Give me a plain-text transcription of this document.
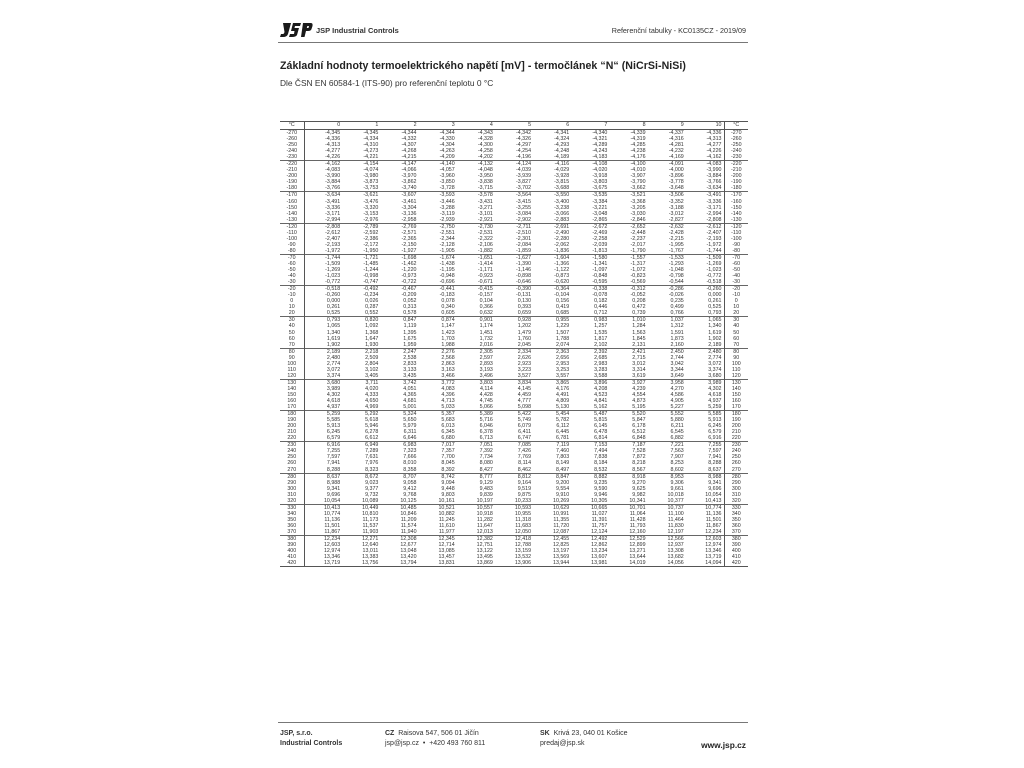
JSP Industrial Controls	Referenční tabulky - KC0135CZ - 2019/09
Základní hodnoty termoelektrického napětí [mV] - termočlánek “N“ (NiCrSi-NiSi)
Dle ČSN EN 60584-1 (ITS-90) pro referenční teplotu 0 °C
°C	0	1	2	3	4	5	6	7	8	9	10	°C
-270	-4,345	-4,345	-4,344	-4,344	-4,343	-4,342	-4,341	-4,340	-4,339	-4,337	-4,336	-270
-260	-4,336	-4,334	-4,332	-4,330	-4,328	-4,326	-4,324	-4,321	-4,319	-4,316	-4,313	-260
-250	-4,313	-4,310	-4,307	-4,304	-4,300	-4,297	-4,293	-4,289	-4,285	-4,281	-4,277	-250
-240	-4,277	-4,273	-4,268	-4,263	-4,258	-4,254	-4,248	-4,243	-4,238	-4,232	-4,226	-240
-230	-4,226	-4,221	-4,215	-4,209	-4,202	-4,196	-4,189	-4,183	-4,176	-4,169	-4,162	-230
-220	-4,162	-4,154	-4,147	-4,140	-4,132	-4,124	-4,116	-4,108	-4,100	-4,091	-4,083	-220
-210	-4,083	-4,074	-4,066	-4,057	-4,048	-4,039	-4,029	-4,020	-4,010	-4,000	-3,990	-210
-200	-3,990	-3,980	-3,970	-3,960	-3,950	-3,939	-3,928	-3,918	-3,907	-3,896	-3,884	-200
-190	-3,884	-3,873	-3,862	-3,850	-3,838	-3,827	-3,815	-3,803	-3,790	-3,778	-3,766	-190
-180	-3,766	-3,753	-3,740	-3,728	-3,715	-3,702	-3,688	-3,675	-3,662	-3,648	-3,634	-180
-170	-3,634	-3,621	-3,607	-3,593	-3,578	-3,564	-3,550	-3,535	-3,521	-3,506	-3,491	-170
-160	-3,491	-3,476	-3,461	-3,446	-3,431	-3,415	-3,400	-3,384	-3,368	-3,352	-3,336	-160
-150	-3,336	-3,320	-3,304	-3,288	-3,271	-3,255	-3,238	-3,221	-3,205	-3,188	-3,171	-150
-140	-3,171	-3,153	-3,136	-3,119	-3,101	-3,084	-3,066	-3,048	-3,030	-3,012	-2,994	-140
-130	-2,994	-2,976	-2,958	-2,939	-2,921	-2,902	-2,883	-2,865	-2,846	-2,827	-2,808	-130
-120	-2,808	-2,789	-2,769	-2,750	-2,730	-2,711	-2,691	-2,672	-2,652	-2,632	-2,612	-120
-110	-2,612	-2,592	-2,571	-2,551	-2,531	-2,510	-2,490	-2,469	-2,448	-2,428	-2,407	-110
-100	-2,407	-2,386	-2,365	-2,344	-2,322	-2,301	-2,280	-2,258	-2,237	-2,215	-2,193	-100
-90	-2,193	-2,172	-2,150	-2,128	-2,106	-2,084	-2,062	-2,039	-2,017	-1,995	-1,972	-90
-80	-1,972	-1,950	-1,927	-1,905	-1,882	-1,859	-1,836	-1,813	-1,790	-1,767	-1,744	-80
-70	-1,744	-1,721	-1,698	-1,674	-1,651	-1,627	-1,604	-1,580	-1,557	-1,533	-1,509	-70
-60	-1,509	-1,485	-1,462	-1,438	-1,414	-1,390	-1,366	-1,341	-1,317	-1,293	-1,269	-60
-50	-1,269	-1,244	-1,220	-1,195	-1,171	-1,146	-1,122	-1,097	-1,072	-1,048	-1,023	-50
-40	-1,023	-0,998	-0,973	-0,948	-0,923	-0,898	-0,873	-0,848	-0,823	-0,798	-0,772	-40
-30	-0,772	-0,747	-0,722	-0,696	-0,671	-0,646	-0,620	-0,595	-0,569	-0,544	-0,518	-30
-20	-0,518	-0,492	-0,467	-0,441	-0,415	-0,390	-0,364	-0,338	-0,312	-0,286	-0,260	-20
-10	-0,260	-0,234	-0,209	-0,183	-0,157	-0,131	-0,104	-0,078	-0,052	-0,026	0,000	-10
0	0,000	0,026	0,052	0,078	0,104	0,130	0,156	0,182	0,208	0,235	0,261	0
10	0,261	0,287	0,313	0,340	0,366	0,393	0,419	0,446	0,472	0,499	0,525	10
20	0,525	0,552	0,578	0,605	0,632	0,659	0,685	0,712	0,739	0,766	0,793	20
30	0,793	0,820	0,847	0,874	0,901	0,928	0,955	0,983	1,010	1,037	1,065	30
40	1,065	1,092	1,119	1,147	1,174	1,202	1,229	1,257	1,284	1,312	1,340	40
50	1,340	1,368	1,395	1,423	1,451	1,479	1,507	1,535	1,563	1,591	1,619	50
60	1,619	1,647	1,675	1,703	1,732	1,760	1,788	1,817	1,845	1,873	1,902	60
70	1,902	1,930	1,959	1,988	2,016	2,045	2,074	2,102	2,131	2,160	2,189	70
80	2,189	2,218	2,247	2,276	2,305	2,334	2,363	2,392	2,421	2,450	2,480	80
90	2,480	2,509	2,538	2,568	2,597	2,626	2,656	2,685	2,715	2,744	2,774	90
100	2,774	2,804	2,833	2,863	2,893	2,923	2,953	2,983	3,012	3,042	3,072	100
110	3,072	3,102	3,133	3,163	3,193	3,223	3,253	3,283	3,314	3,344	3,374	110
120	3,374	3,405	3,435	3,466	3,496	3,527	3,557	3,588	3,619	3,649	3,680	120
130	3,680	3,711	3,742	3,772	3,803	3,834	3,865	3,896	3,927	3,958	3,989	130
140	3,989	4,020	4,051	4,083	4,114	4,145	4,176	4,208	4,239	4,270	4,302	140
150	4,302	4,333	4,365	4,396	4,428	4,459	4,491	4,523	4,554	4,586	4,618	150
160	4,618	4,650	4,681	4,713	4,745	4,777	4,809	4,841	4,873	4,905	4,937	160
170	4,937	4,969	5,001	5,033	5,066	5,098	5,130	5,162	5,195	5,227	5,259	170
180	5,259	5,292	5,324	5,357	5,389	5,422	5,454	5,487	5,520	5,552	5,585	180
190	5,585	5,618	5,650	5,683	5,716	5,749	5,782	5,815	5,847	5,880	5,913	190
200	5,913	5,946	5,979	6,013	6,046	6,079	6,112	6,145	6,178	6,211	6,245	200
210	6,245	6,278	6,311	6,345	6,378	6,411	6,445	6,478	6,512	6,545	6,579	210
220	6,579	6,612	6,646	6,680	6,713	6,747	6,781	6,814	6,848	6,882	6,916	220
230	6,916	6,949	6,983	7,017	7,051	7,085	7,119	7,153	7,187	7,221	7,255	230
240	7,255	7,289	7,323	7,357	7,392	7,426	7,460	7,494	7,528	7,563	7,597	240
250	7,597	7,631	7,666	7,700	7,734	7,769	7,803	7,838	7,872	7,907	7,941	250
260	7,941	7,976	8,010	8,045	8,080	8,114	8,149	8,184	8,218	8,253	8,288	260
270	8,288	8,323	8,358	8,392	8,427	8,462	8,497	8,532	8,567	8,602	8,637	270
280	8,637	8,672	8,707	8,742	8,777	8,812	8,847	8,882	8,918	8,953	8,988	280
290	8,988	9,023	9,058	9,094	9,129	9,164	9,200	9,235	9,270	9,306	9,341	290
300	9,341	9,377	9,412	9,448	9,483	9,519	9,554	9,590	9,625	9,661	9,696	300
310	9,696	9,732	9,768	9,803	9,839	9,875	9,910	9,946	9,982	10,018	10,054	310
320	10,054	10,089	10,125	10,161	10,197	10,233	10,269	10,305	10,341	10,377	10,413	320
330	10,413	10,449	10,485	10,521	10,557	10,593	10,629	10,665	10,701	10,737	10,774	330
340	10,774	10,810	10,846	10,882	10,918	10,955	10,991	11,027	11,064	11,100	11,136	340
350	11,136	11,173	11,209	11,245	11,282	11,318	11,355	11,391	11,428	11,464	11,501	350
360	11,501	11,537	11,574	11,610	11,647	11,683	11,720	11,757	11,793	11,830	11,867	360
370	11,867	11,903	11,940	11,977	12,013	12,050	12,087	12,124	12,160	12,197	12,234	370
380	12,234	12,271	12,308	12,345	12,382	12,418	12,455	12,492	12,529	12,566	12,603	380
390	12,603	12,640	12,677	12,714	12,751	12,788	12,825	12,862	12,899	12,937	12,974	390
400	12,974	13,011	13,048	13,085	13,122	13,159	13,197	13,234	13,271	13,308	13,346	400
410	13,346	13,383	13,420	13,457	13,495	13,532	13,569	13,607	13,644	13,682	13,719	410
420	13,719	13,756	13,794	13,831	13,869	13,906	13,944	13,981	14,019	14,056	14,094	420
JSP, s.r.o.
Industrial Controls
CZ Raisova 547, 506 01 Jičín
jsp@jsp.cz • +420 493 760 811
SK Krivá 23, 040 01 Košice
predaj@jsp.sk	www.jsp.cz
